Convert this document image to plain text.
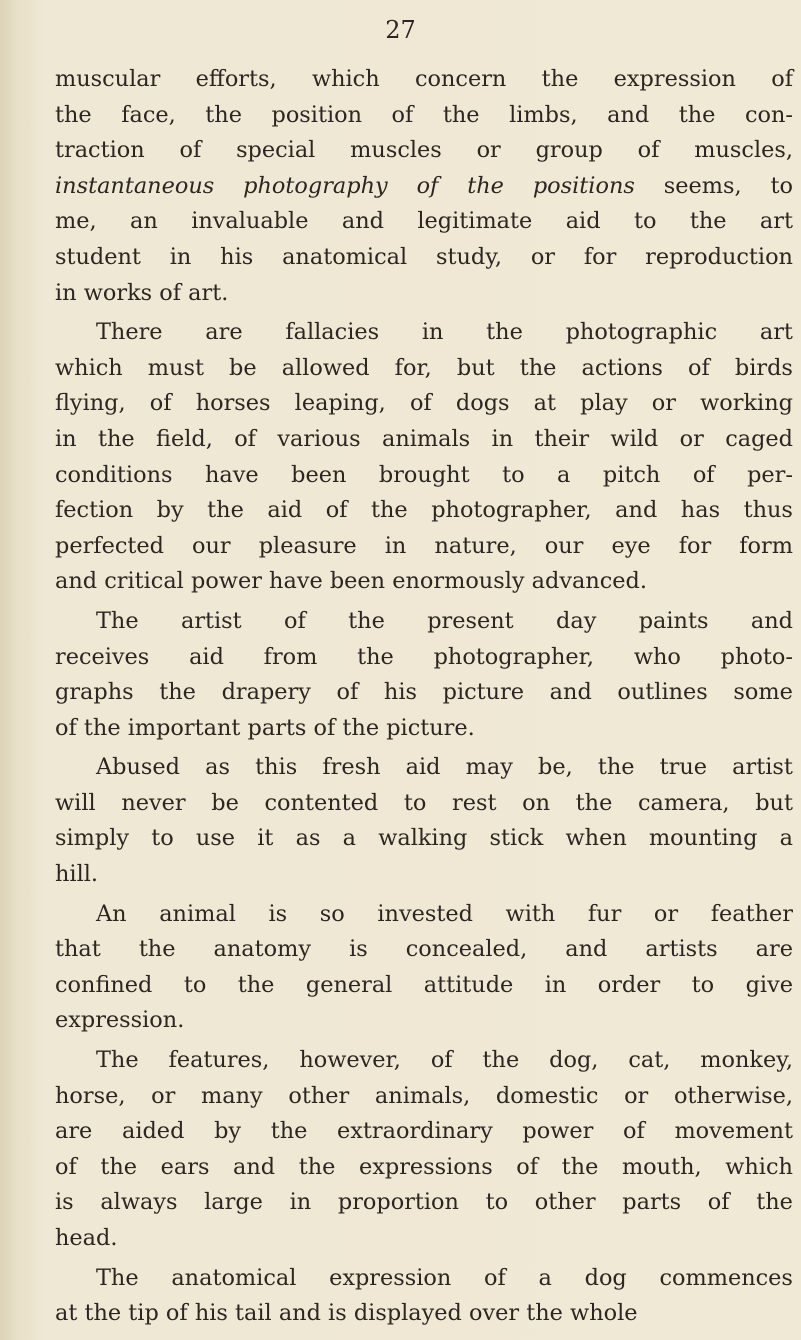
27
muscular efforts, which concern the expression of
the face, the position of the limbs, and the con-
traction of special muscles or group of muscles,
instantaneous photography of the positions seems, to
me, an invaluable and legitimate aid to the art
student in his anatomical study, or for reproduction
in
works
of
art.
There are fallacies in the photographic art
which must be allowed for, but the actions of birds
flying, of horses leaping, of dogs at play or working
in the field, of various animals in their wild or caged
conditions have been brought to a pitch of per-
fection by the aid of the photographer, and has thus
perfected our pleasure in nature, our eye for form
and
critical
power
have
been
enormously
advanced.
The artist of the present day paints and
receives aid from the photographer, who photo-
graphs the drapery of his picture and outlines some
of
the
important
parts
of
the
picture.
Abused as this fresh aid may be, the true artist
will never be contented to rest on the camera, but
simply to use it as a walking stick when mounting a
hill.
An animal is so invested with fur or feather
that the anatomy is concealed, and artists are
confined to the general attitude in order to give
expression.
The features, however, of the dog, cat, monkey,
horse, or many other animals, domestic or otherwise,
are aided by the extraordinary power of movement
of the ears and the expressions of the mouth, which
is always large in proportion to other parts of the
head.
The anatomical expression of a dog commences
at
the
tip
of
his
tail
and
is
displayed
over
the
whole
